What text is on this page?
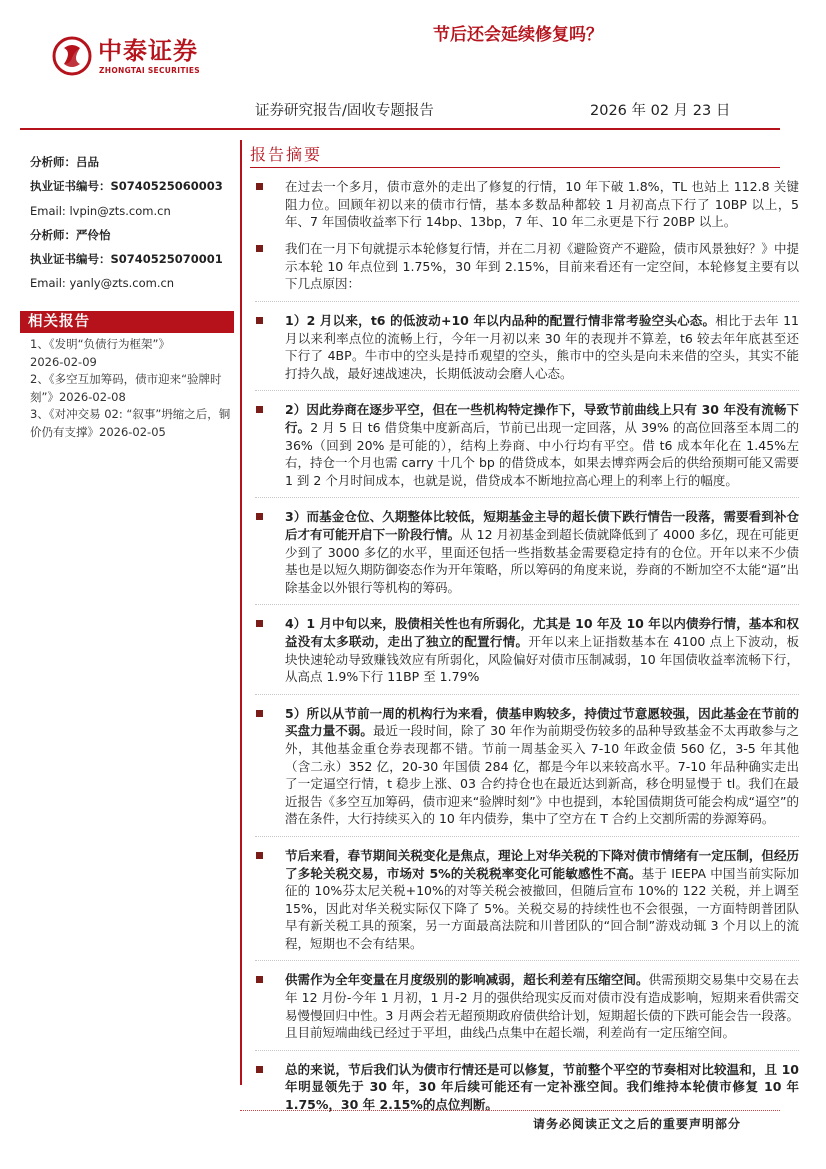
中泰证券
ZHONGTAI SECURITIES
节后还会延续修复吗？
证券研究报告/固收专题报告	2026 年 02 月 23 日
分析师：吕品
执业证书编号：S0740525060003
Email: lvpin@zts.com.cn
分析师：严伶怡
执业证书编号：S0740525070001
Email: yanly@zts.com.cn
相关报告
1、《发明“负债行为框架”》
2026-02-09
2、《多空互加筹码，债市迎来“验牌时刻”》2026-02-08
3、《对冲交易 02: “叙事”坍缩之后，铜价仍有支撑》2026-02-05
报告摘要
在过去一个多月，债市意外的走出了修复的行情，10 年下破 1.8%，TL 也站上 112.8 关键阻力位。回顾年初以来的债市行情，基本多数品种都较 1 月初高点下行了 10BP 以上，5 年、7 年国债收益率下行 14bp、13bp，7 年、10 年二永更是下行 20BP 以上。
我们在一月下旬就提示本轮修复行情，并在二月初《避险资产不避险，债市风景独好？》中提示本轮 10 年点位到 1.75%，30 年到 2.15%，目前来看还有一定空间，本轮修复主要有以下几点原因：
1）2 月以来，t6 的低波动+10 年以内品种的配置行情非常考验空头心态。相比于去年 11 月以来利率点位的流畅上行，今年一月初以来 30 年的表现并不算差，t6 较去年年底甚至还下行了 4BP。牛市中的空头是持币观望的空头，熊市中的空头是向未来借的空头，其实不能打持久战，最好速战速决，长期低波动会磨人心态。
2）因此券商在逐步平空，但在一些机构特定操作下，导致节前曲线上只有 30 年没有流畅下行。2 月 5 日 t6 借贷集中度新高后，节前已出现一定回落，从 39% 的高位回落至本周二的 36%（回到 20% 是可能的），结构上券商、中小行均有平空。借 t6 成本年化在 1.45%左右，持仓一个月也需 carry 十几个 bp 的借贷成本，如果去博弈两会后的供给预期可能又需要 1 到 2 个月时间成本，也就是说，借贷成本不断地拉高心理上的利率上行的幅度。
3）而基金仓位、久期整体比较低，短期基金主导的超长债下跌行情告一段落，需要看到补仓后才有可能开启下一阶段行情。从 12 月初基金到超长债就降低到了 4000 多亿，现在可能更少到了 3000 多亿的水平，里面还包括一些指数基金需要稳定持有的仓位。开年以来不少债基也是以短久期防御姿态作为开年策略，所以筹码的角度来说，券商的不断加空不太能“逼”出除基金以外银行等机构的筹码。
4）1 月中旬以来，股债相关性也有所弱化，尤其是 10 年及 10 年以内债券行情，基本和权益没有太多联动，走出了独立的配置行情。开年以来上证指数基本在 4100 点上下波动，板块快速轮动导致赚钱效应有所弱化，风险偏好对债市压制减弱，10 年国债收益率流畅下行，从高点 1.9%下行 11BP 至 1.79%
5）所以从节前一周的机构行为来看，债基申购较多，持债过节意愿较强，因此基金在节前的买盘力量不弱。最近一段时间，除了 30 年作为前期受伤较多的品种导致基金不太再敢参与之外，其他基金重仓券表现都不错。节前一周基金买入 7-10 年政金债 560 亿，3-5 年其他（含二永）352 亿，20-30 年国债 284 亿，都是今年以来较高水平。7-10 年品种确实走出了一定逼空行情，t 稳步上涨、03 合约持仓也在最近达到新高，移仓明显慢于 tl。我们在最近报告《多空互加筹码，债市迎来“验牌时刻”》中也提到，本轮国债期货可能会构成“逼空”的潜在条件，大行持续买入的 10 年内债券，集中了空方在 T 合约上交割所需的券源筹码。
节后来看，春节期间关税变化是焦点，理论上对华关税的下降对债市情绪有一定压制，但经历了多轮关税交易，市场对 5%的关税税率变化可能敏感性不高。基于 IEEPA 中国当前实际加征的 10%芬太尼关税+10%的对等关税会被撤回，但随后宣布 10%的 122 关税，并上调至 15%，因此对华关税实际仅下降了 5%。关税交易的持续性也不会很强，一方面特朗普团队早有新关税工具的预案，另一方面最高法院和川普团队的“回合制”游戏动辄 3 个月以上的流程，短期也不会有结果。
供需作为全年变量在月度级别的影响减弱，超长利差有压缩空间。供需预期交易集中交易在去年 12 月份-今年 1 月初，1 月-2 月的强供给现实反而对债市没有造成影响，短期来看供需交易慢慢回归中性。3 月两会若无超预期政府债供给计划，短期超长债的下跌可能会告一段落。且目前短端曲线已经过于平坦，曲线凸点集中在超长端，利差尚有一定压缩空间。
总的来说，节后我们认为债市行情还是可以修复，节前整个平空的节奏相对比较温和，且 10 年明显领先于 30 年，30 年后续可能还有一定补涨空间。我们维持本轮债市修复 10 年 1.75%，30 年 2.15%的点位判断。
请务必阅读正文之后的重要声明部分
